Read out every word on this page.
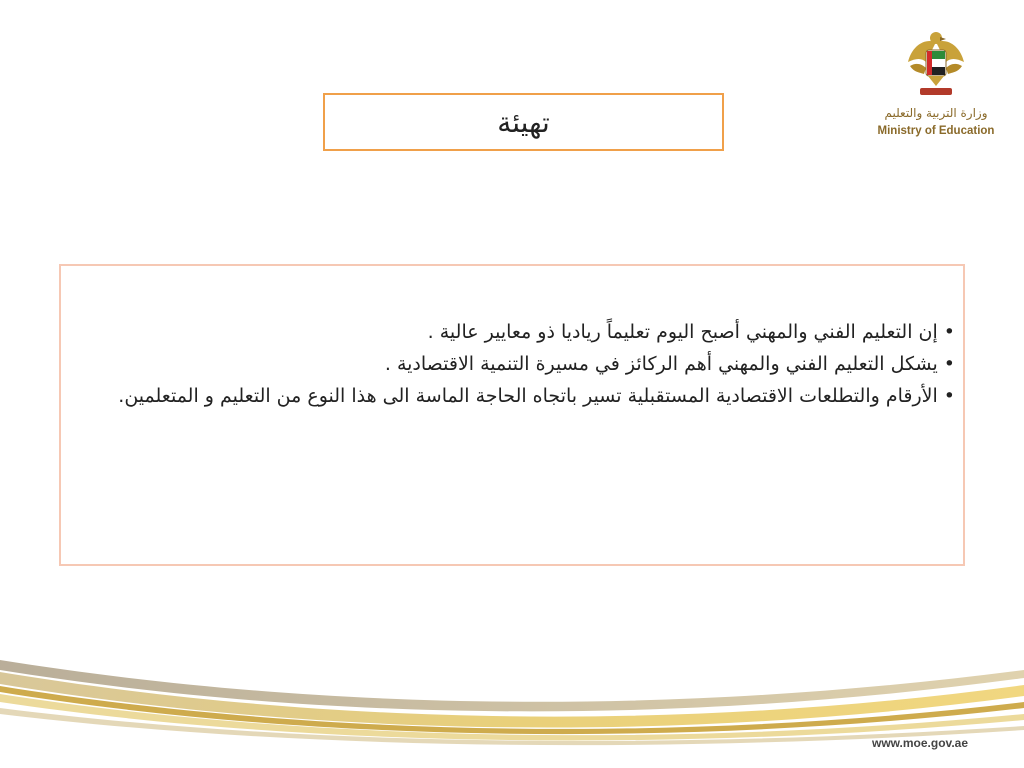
وزارة التربية والتعليم
Ministry of Education
تهيئة

• إن التعليم الفني والمهني أصبح اليوم تعليماً رياديا ذو معايير عالية .

• يشكل التعليم الفني والمهني أهم الركائز في مسيرة التنمية الاقتصادية .

• الأرقام والتطلعات الاقتصادية المستقبلية تسير باتجاه الحاجة الماسة الى هذا النوع من التعليم و المتعلمين.

www.moe.gov.ae
